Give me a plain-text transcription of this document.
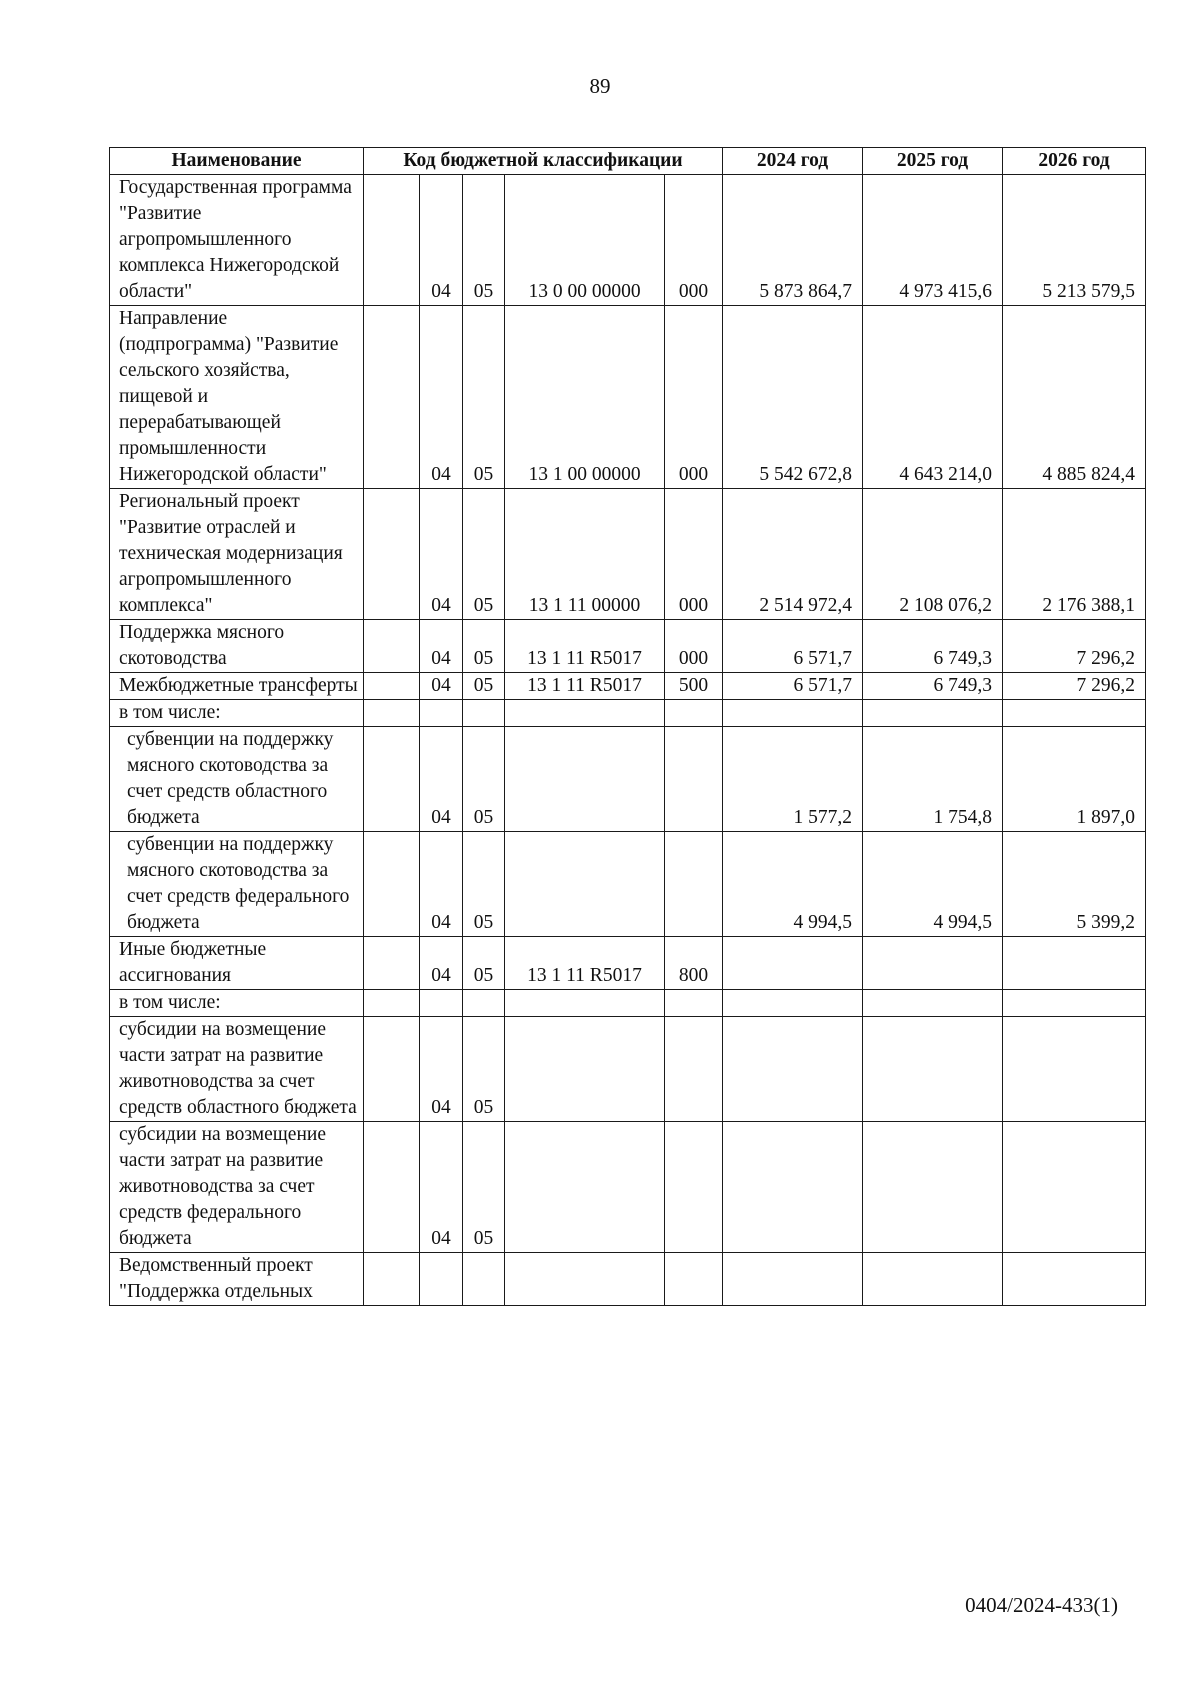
89
Наименование	Код бюджетной классификации					2024 год	2025 год	2026 год
Государственная программа "Развитие агропромышленного комплекса Нижегородской области"		04	05	13 0 00 00000	000	5 873 864,7	4 973 415,6	5 213 579,5
Направление (подпрограмма) "Развитие сельского хозяйства, пищевой и перерабатывающей промышленности Нижегородской области"		04	05	13 1 00 00000	000	5 542 672,8	4 643 214,0	4 885 824,4
Региональный проект "Развитие отраслей и техническая модернизация агропромышленного комплекса"		04	05	13 1 11 00000	000	2 514 972,4	2 108 076,2	2 176 388,1
Поддержка мясного скотоводства		04	05	13 1 11 R5017	000	6 571,7	6 749,3	7 296,2
Межбюджетные трансферты		04	05	13 1 11 R5017	500	6 571,7	6 749,3	7 296,2
в том числе:								
субвенции на поддержку мясного скотоводства за счет средств областного бюджета		04	05			1 577,2	1 754,8	1 897,0
субвенции на поддержку мясного скотоводства за счет средств федерального бюджета		04	05			4 994,5	4 994,5	5 399,2
Иные бюджетные ассигнования		04	05	13 1 11 R5017	800			
в том числе:								
субсидии на возмещение части затрат на развитие животноводства за счет средств областного бюджета		04	05					
субсидии на возмещение части затрат на развитие животноводства за счет средств федерального бюджета		04	05					
Ведомственный проект "Поддержка отдельных								
0404/2024-433(1)
